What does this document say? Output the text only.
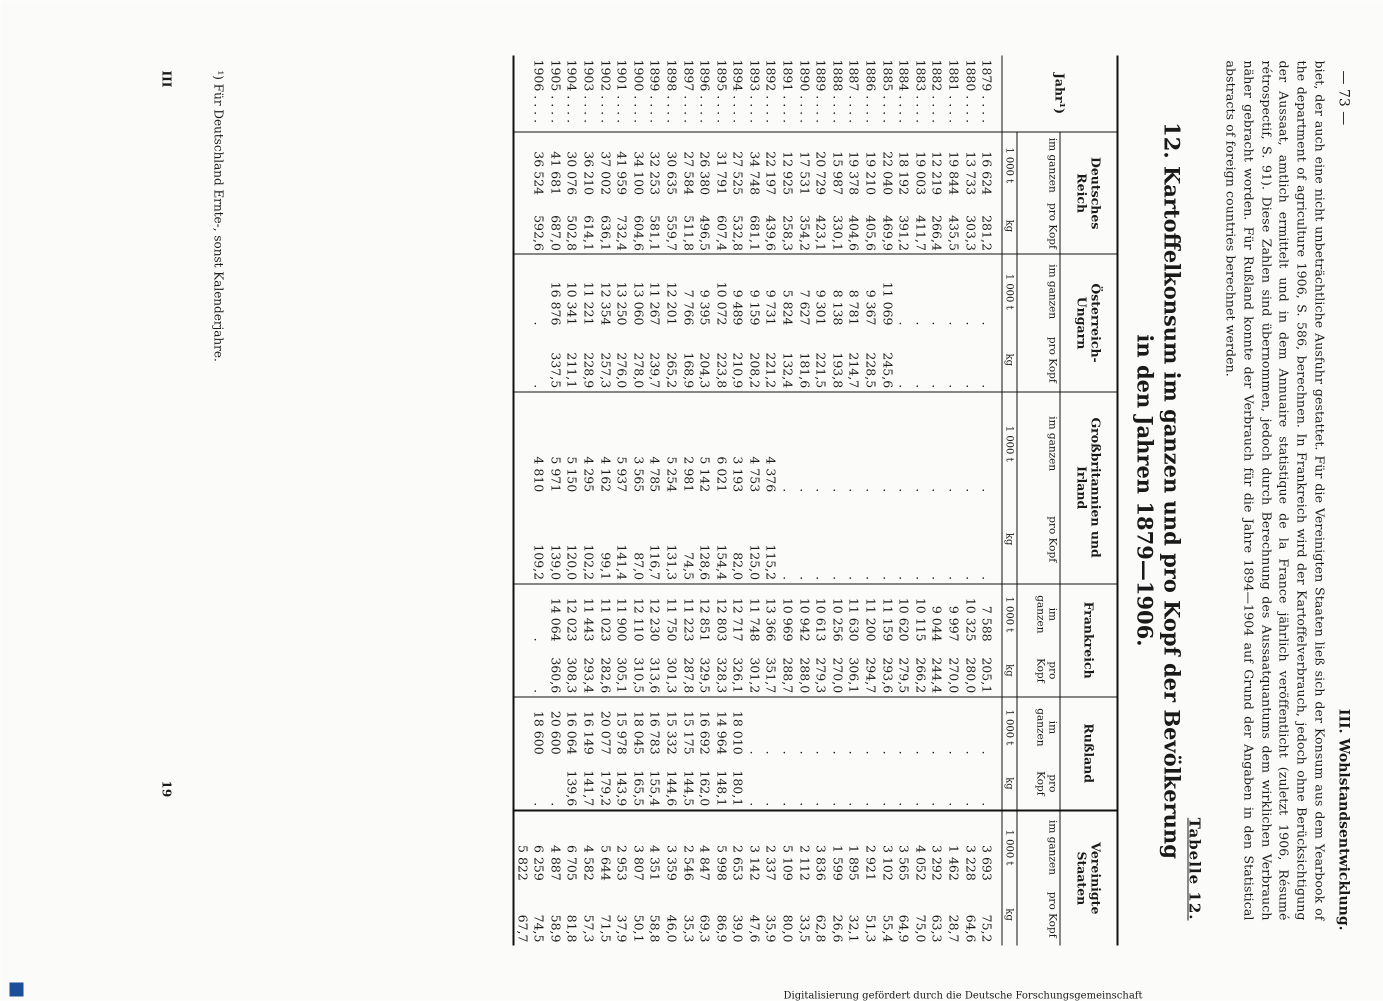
— 73 —
III. Wohlstandsentwicklung.
biet, der auch eine nicht unbeträchtliche Ausfuhr gestattet. Für die Vereinigten Staaten ließ sich der Konsum aus dem Yearbook of the department of agriculture 1906, S. 586, berechnen. In Frankreich wird der Kartoffelverbrauch, jedoch ohne Berücksichtigung der Aussaat, amtlich ermittelt und in dem Annuaire statistique de la France jährlich veröffentlicht (zuletzt 1906, Résumé rétrospectif, S. 91). Diese Zahlen sind übernommen, jedoch durch Berechnung des Aussaatquantums dem wirklichen Verbrauch näher gebracht worden. Für Rußland konnte der Verbrauch für die Jahre 1894—1904 auf Grund der Angaben in den Statistical abstracts of foreign countries berechnet werden.
Tabelle 12.
12. Kartoffelkonsum im ganzen und pro Kopf der Bevölkerung
in den Jahren 1879—1906.
Jahr¹)	Deutsches Reich		Österreich-Ungarn		Großbritannien und Irland		Frankreich		Rußland		Vereinigte Staaten	
	im ganzen	pro Kopf	im ganzen	pro Kopf	im ganzen	pro Kopf	im ganzen	pro Kopf	im ganzen	pro Kopf	im ganzen	pro Kopf
	1 000 t	kg	1 000 t	kg	1 000 t	kg	1 000 t	kg	1 000 t	kg	1 000 t	kg
1879 . . . .	16 624	281,2	.	.	.	.	7 588	205,1	.	.	3 693	75,2
1880 . . . .	13 733	303,3	.	.	.	.	10 325	280,0	.	.	3 228	64,6
1881 . . . .	19 844	435,5	.	.	.	.	9 997	270,0	.	.	1 462	28,7
1882 . . . .	12 219	266,4	.	.	.	.	9 044	244,4	.	.	3 292	63,3
1883 . . . .	19 003	411,7	.	.	.	.	10 115	266,2	.	.	4 052	75,0
1884 . . . .	18 192	391,2	.	.	.	.	10 620	279,5	.	.	3 565	64,9
1885 . . . .	22 040	469,9	11 069	245,6	.	.	11 159	293,6	.	.	3 102	55,4
1886 . . . .	19 210	405,6	9 367	228,5	.	.	11 200	294,7	.	.	2 921	51,3
1887 . . . .	19 378	404,6	8 781	214,7	.	.	11 630	306,1	.	.	1 895	32,1
1888 . . . .	15 987	330,1	8 138	193,8	.	.	10 256	270,0	.	.	1 599	26,6
1889 . . . .	20 729	423,1	9 301	221,5	.	.	10 613	279,3	.	.	3 836	62,8
1890 . . . .	17 531	354,2	7 627	181,6	.	.	10 942	288,0	.	.	2 112	33,5
1891 . . . .	12 925	258,3	5 824	132,4	.	.	10 969	288,7	.	.	5 109	80,0
1892 . . . .	22 197	439,6	9 731	221,2	4 376	115,2	13 366	351,7	.	.	2 337	35,9
1893 . . . .	34 748	681,1	9 159	208,2	4 753	125,0	11 748	301,2	.	.	3 142	47,6
1894 . . . .	27 525	532,8	9 489	210,9	3 193	82,0	12 717	326,1	18 010	180,1	2 653	39,0
1895 . . . .	31 791	607,4	10 072	223,8	6 021	154,4	12 803	328,3	14 964	148,1	5 998	86,9
1896 . . . .	26 380	496,5	9 395	204,3	5 142	128,6	12 851	329,5	16 692	162,0	4 847	69,3
1897 . . . .	27 584	511,8	7 766	168,9	2 981	74,5	11 223	287,8	15 175	144,5	2 546	35,3
1898 . . . .	30 635	559,7	12 201	265,2	5 254	131,3	11 750	301,3	15 332	144,6	3 359	46,0
1899 . . . .	32 253	581,1	11 267	239,7	4 785	116,7	12 230	313,6	16 783	155,4	4 351	58,8
1900 . . . .	34 100	604,6	13 060	278,0	3 565	87,0	12 110	310,5	18 045	165,5	3 807	50,1
1901 . . . .	41 959	732,4	13 250	276,0	5 937	141,4	11 900	305,1	15 978	143,9	2 953	37,9
1902 . . . .	37 002	636,1	12 354	257,3	4 162	99,1	11 023	282,6	20 077	179,2	5 644	71,5
1903 . . . .	36 210	614,1	11 221	228,9	4 295	102,2	11 443	293,4	16 149	141,7	4 582	57,3
1904 . . . .	30 076	502,8	10 341	211,1	5 150	120,0	12 023	308,3	16 064	139,6	6 705	81,8
1905 . . . .	41 681	687,0	16 876	337,5	5 971	139,0	14 064	360,6	20 600	.	4 887	58,9
1906 . . . .	36 524	592,6	.	.	4 810	109,2	.	.	18 600	.	6 259	74,5
											5 822	67,7
¹) Für Deutschland Ernte-, sonst Kalenderjahre.
III
19
Digitalisierung gefördert durch die Deutsche Forschungsgemeinschaft
